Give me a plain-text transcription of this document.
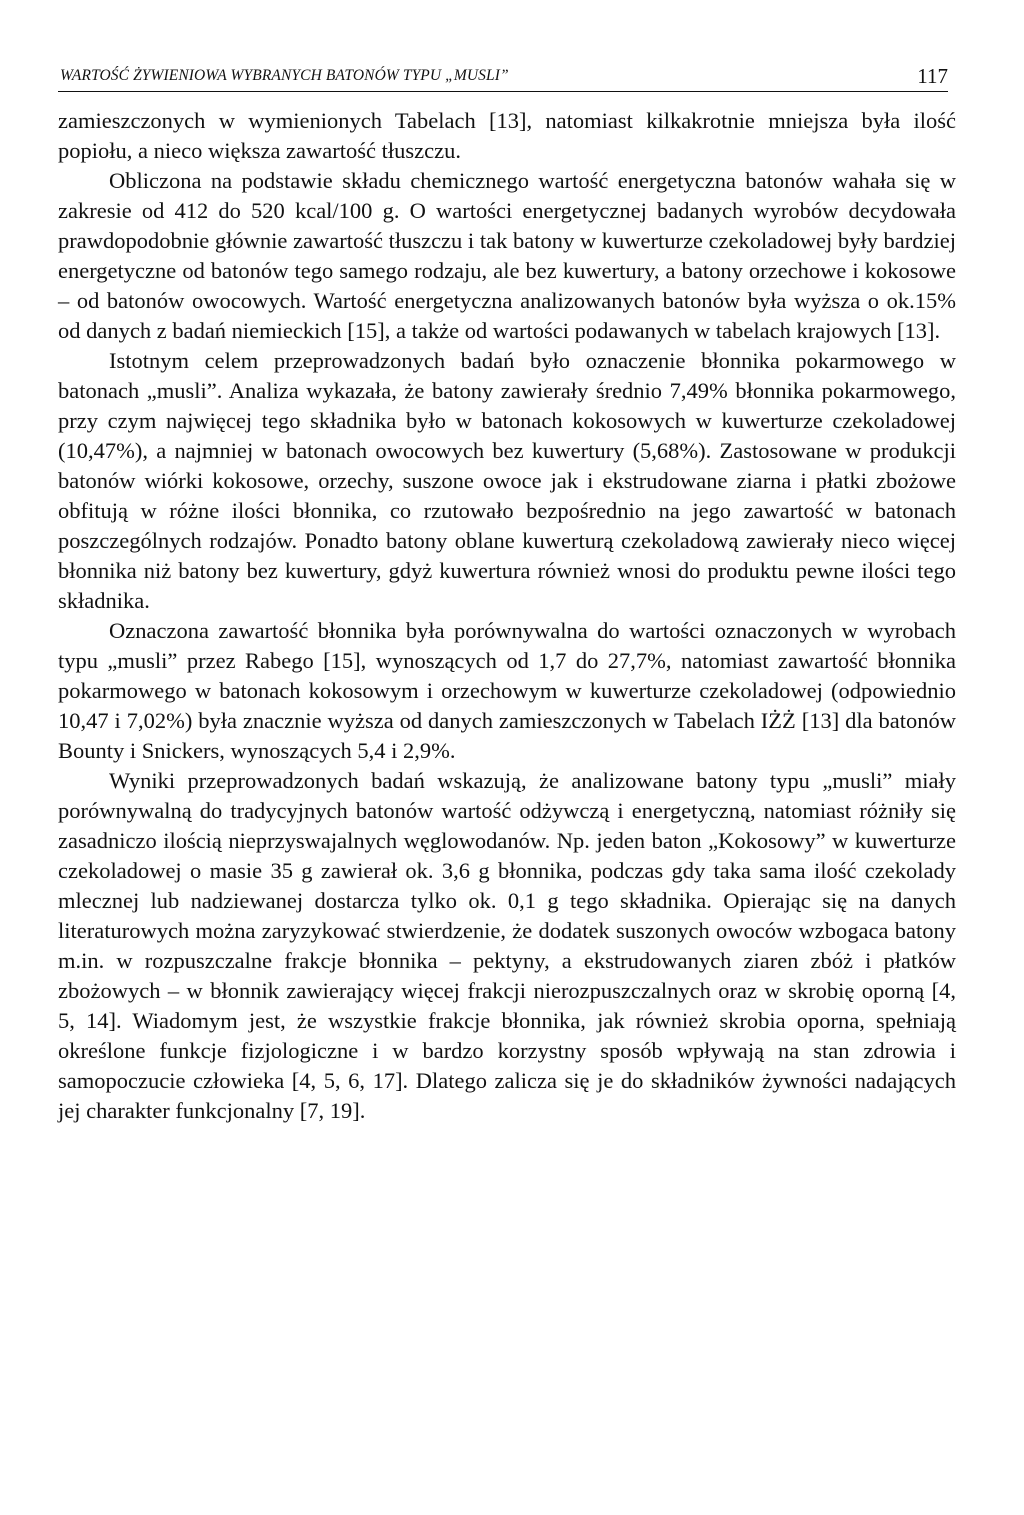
WARTOŚĆ ŻYWIENIOWA WYBRANYCH BATONÓW TYPU „MUSLI”	117

zamieszczonych w wymienionych Tabelach [13], natomiast kilkakrotnie mniejsza była ilość popiołu, a nieco większa zawartość tłuszczu.

Obliczona na podstawie składu chemicznego wartość energetyczna batonów wahała się w zakresie od 412 do 520 kcal/100 g. O wartości energetycznej badanych wyrobów decydowała prawdopodobnie głównie zawartość tłuszczu i tak batony w kuwerturze czekoladowej były bardziej energetyczne od batonów tego samego rodzaju, ale bez kuwertury, a batony orzechowe i kokosowe – od batonów owocowych. Wartość energetyczna analizowanych batonów była wyższa o ok.15% od danych z badań niemieckich [15], a także od wartości podawanych w tabelach krajowych [13].

Istotnym celem przeprowadzonych badań było oznaczenie błonnika pokarmowego w batonach „musli”. Analiza wykazała, że batony zawierały średnio 7,49% błonnika pokarmowego, przy czym najwięcej tego składnika było w batonach kokosowych w kuwerturze czekoladowej (10,47%), a najmniej w batonach owocowych bez kuwertury (5,68%). Zastosowane w produkcji batonów wiórki kokosowe, orzechy, suszone owoce jak i ekstrudowane ziarna i płatki zbożowe obfitują w różne ilości błonnika, co rzutowało bezpośrednio na jego zawartość w batonach poszczególnych rodzajów. Ponadto batony oblane kuwerturą czekoladową zawierały nieco więcej błonnika niż batony bez kuwertury, gdyż kuwertura również wnosi do produktu pewne ilości tego składnika.

Oznaczona zawartość błonnika była porównywalna do wartości oznaczonych w wyrobach typu „musli” przez Rabego [15], wynoszących od 1,7 do 27,7%, natomiast zawartość błonnika pokarmowego w batonach kokosowym i orzechowym w kuwerturze czekoladowej (odpowiednio 10,47 i 7,02%) była znacznie wyższa od danych zamieszczonych w Tabelach IŻŻ [13] dla batonów Bounty i Snickers, wynoszących 5,4 i 2,9%.

Wyniki przeprowadzonych badań wskazują, że analizowane batony typu „musli” miały porównywalną do tradycyjnych batonów wartość odżywczą i energetyczną, natomiast różniły się zasadniczo ilością nieprzyswajalnych węglowodanów. Np. jeden baton „Kokosowy” w kuwerturze czekoladowej o masie 35 g zawierał ok. 3,6 g błonnika, podczas gdy taka sama ilość czekolady mlecznej lub nadziewanej dostarcza tylko ok. 0,1 g tego składnika. Opierając się na danych literaturowych można zaryzykować stwierdzenie, że dodatek suszonych owoców wzbogaca batony m.in. w rozpuszczalne frakcje błonnika – pektyny, a ekstrudowanych ziaren zbóż i płatków zbożowych – w błonnik zawierający więcej frakcji nierozpuszczalnych oraz w skrobię oporną [4, 5, 14]. Wiadomym jest, że wszystkie frakcje błonnika, jak również skrobia oporna, spełniają określone funkcje fizjologiczne i w bardzo korzystny sposób wpływają na stan zdrowia i samopoczucie człowieka [4, 5, 6, 17]. Dlatego zalicza się je do składników żywności nadających jej charakter funkcjonalny [7, 19].
